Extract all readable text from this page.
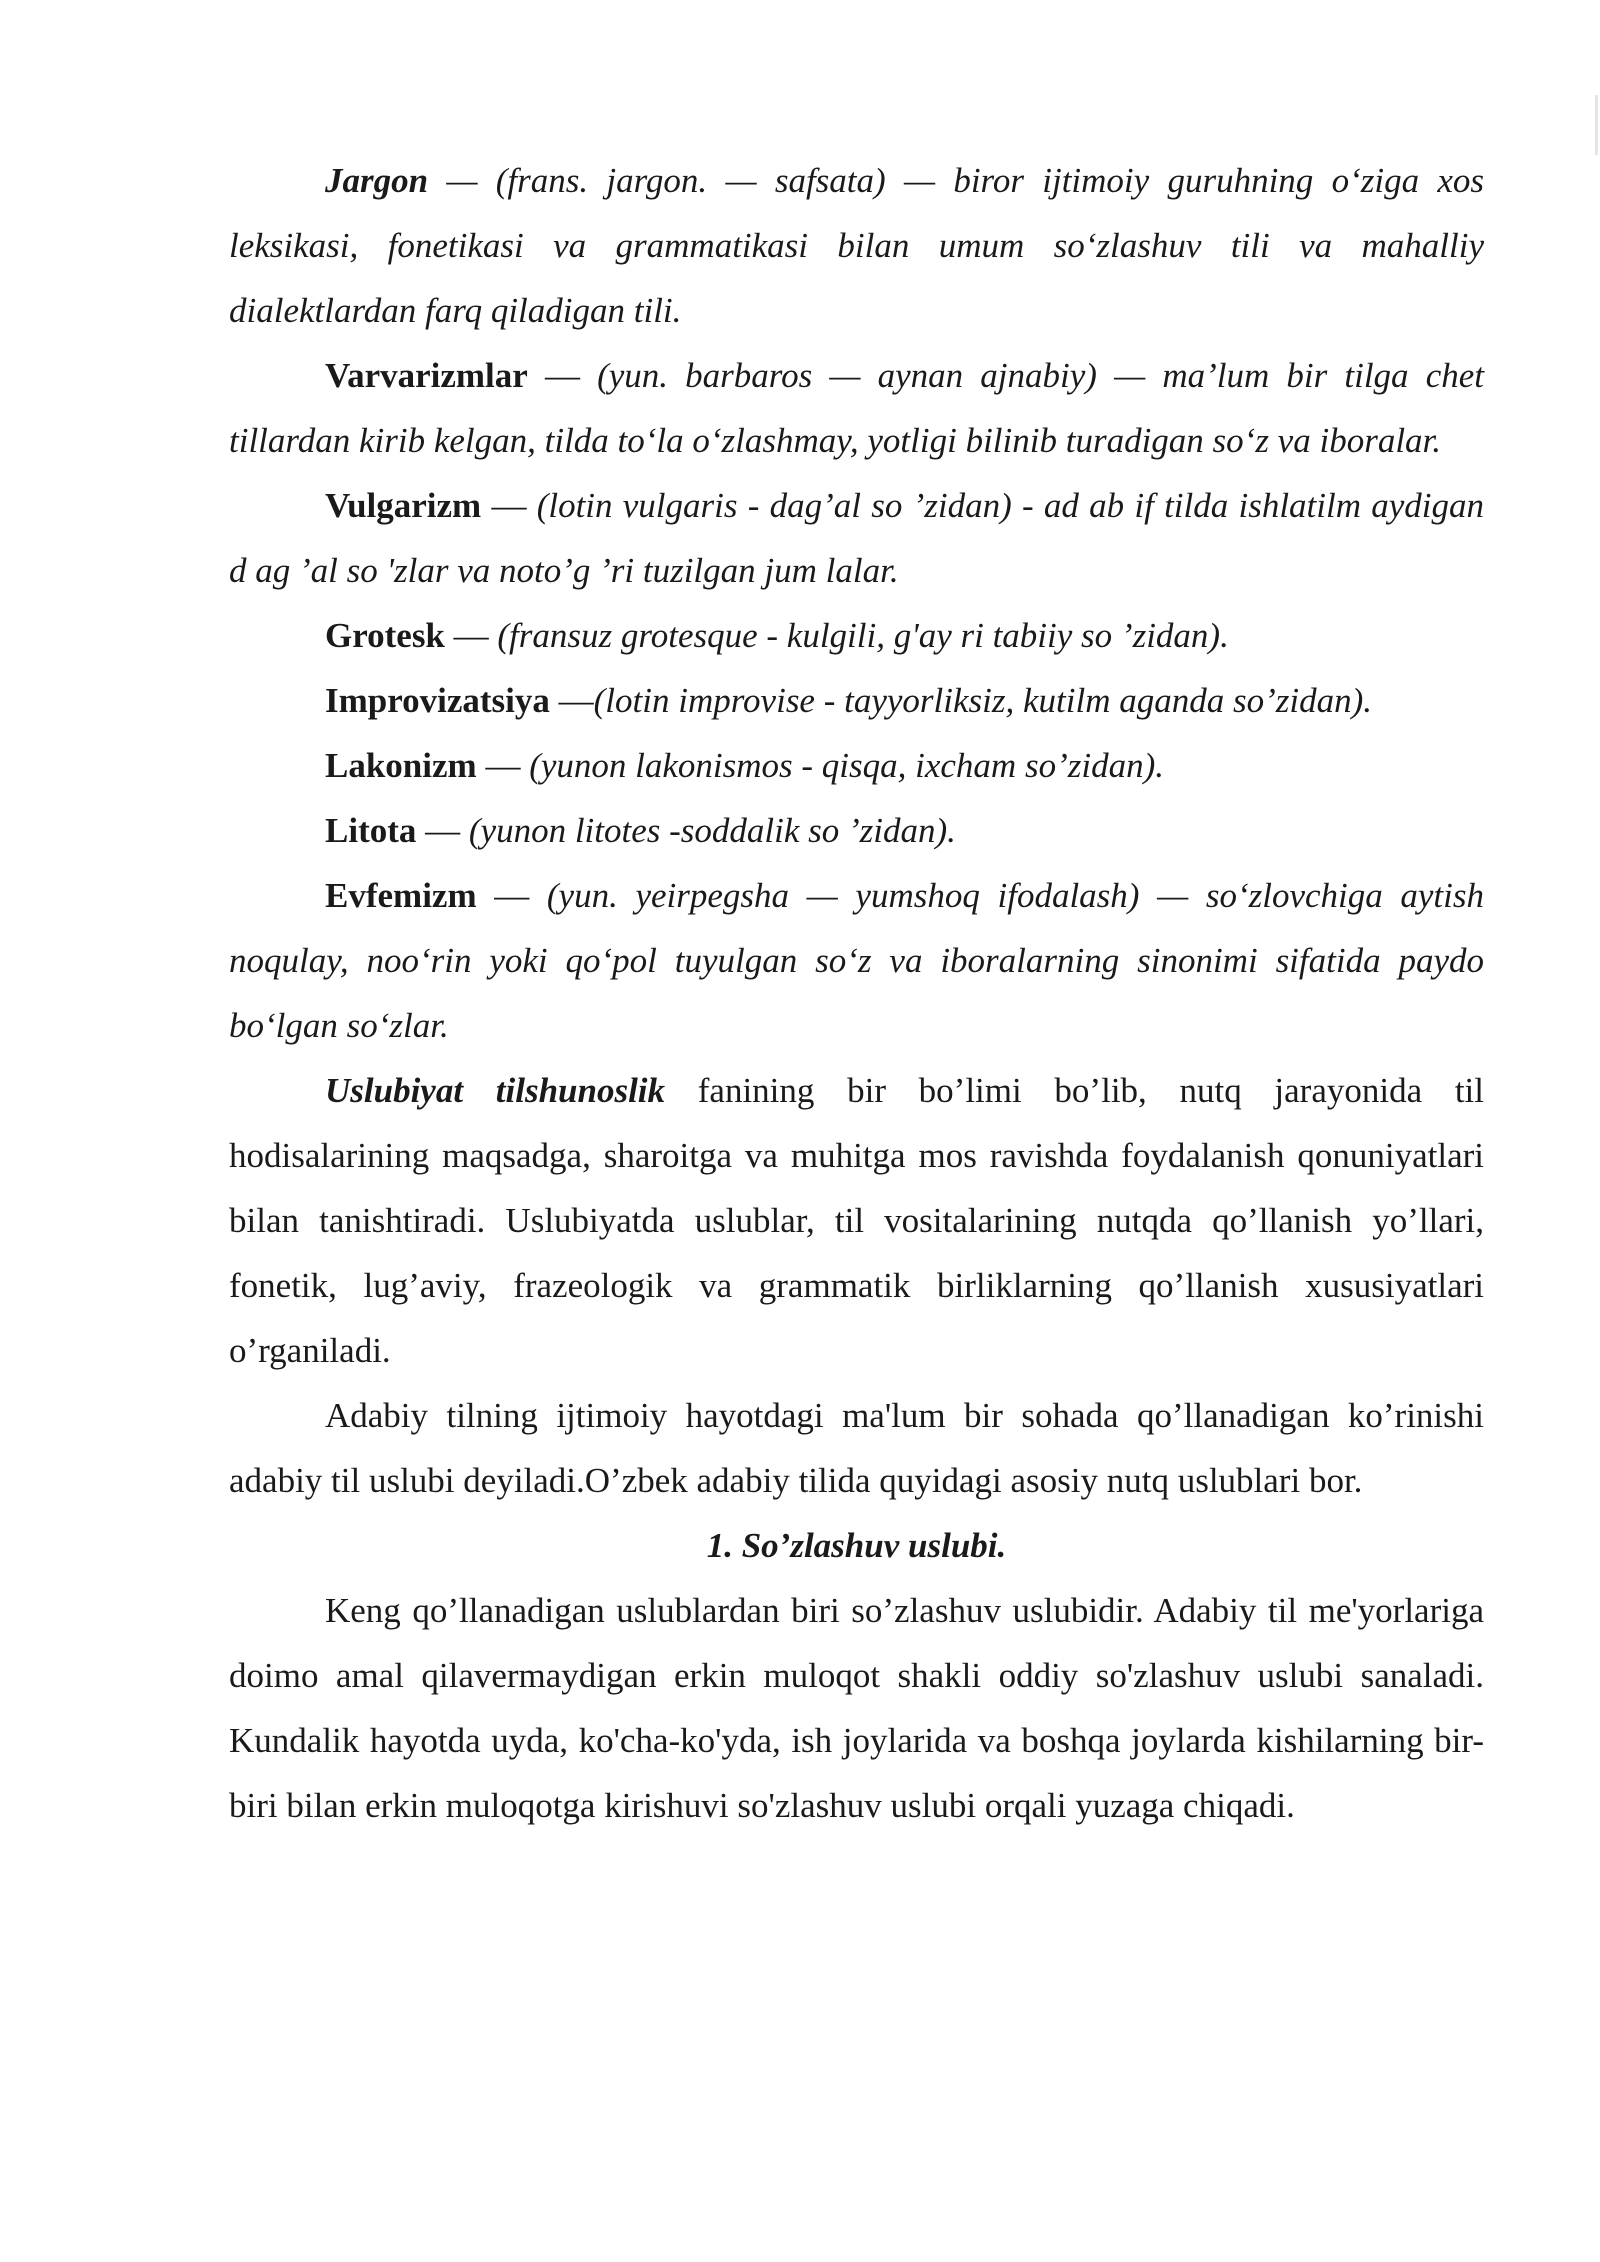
Jargon — (frans. jargon. — safsata) — biror ijtimoiy guruhning o‘ziga xos leksikasi, fonetikasi va grammatikasi bilan umum so‘zlashuv tili va mahalliy dialektlardan farq qiladigan tili.

Varvarizmlar — (yun. barbaros — aynan ajnabiy) — ma’lum bir tilga chet tillardan kirib kelgan, tilda to‘la o‘zlashmay, yotligi bilinib turadigan so‘z va iboralar.

Vulgarizm — (lotin vulgaris - dag’al so ’zidan) - ad ab if tilda ishlatilm aydigan d ag ’al so 'zlar va noto’g ’ri tuzilgan jum lalar.

Grotesk — (fransuz grotesque - kulgili, g'ay ri tabiiy so ’zidan).

Improvizatsiya —(lotin improvise - tayyorliksiz, kutilm aganda so’zidan).

Lakonizm — (yunon lakonismos - qisqa, ixcham so’zidan).

Litota — (yunon litotes -soddalik so ’zidan).

Evfemizm — (yun. yeirpegsha — yumshoq ifodalash) — so‘zlovchiga aytish noqulay, noo‘rin yoki qo‘pol tuyulgan so‘z va iboralarning sinonimi sifatida paydo bo‘lgan so‘zlar.

Uslubiyat tilshunoslik fanining bir bo’limi bo’lib, nutq jarayonida til hodisalarining maqsadga, sharoitga va muhitga mos ravishda foydalanish qonuniyatlari bilan tanishtiradi. Uslubiyatda uslublar, til vositalarining nutqda qo’llanish yo’llari, fonetik, lug’aviy, frazeologik va grammatik birliklarning qo’llanish xususiyatlari o’rganiladi.

Adabiy tilning ijtimoiy hayotdagi ma'lum bir sohada qo’llanadigan ko’rinishi adabiy til uslubi deyiladi.O’zbek adabiy tilida quyidagi asosiy nutq uslublari bor.

1. So’zlashuv uslubi.

Keng qo’llanadigan uslublardan biri so’zlashuv uslubidir. Adabiy til me'yorlariga doimo amal qilavermaydigan erkin muloqot shakli oddiy so'zlashuv uslubi sanaladi. Kundalik hayotda uyda, ko'cha-ko'yda, ish joylarida va boshqa joylarda kishilarning bir-biri bilan erkin muloqotga kirishuvi so'zlashuv uslubi orqali yuzaga chiqadi.
